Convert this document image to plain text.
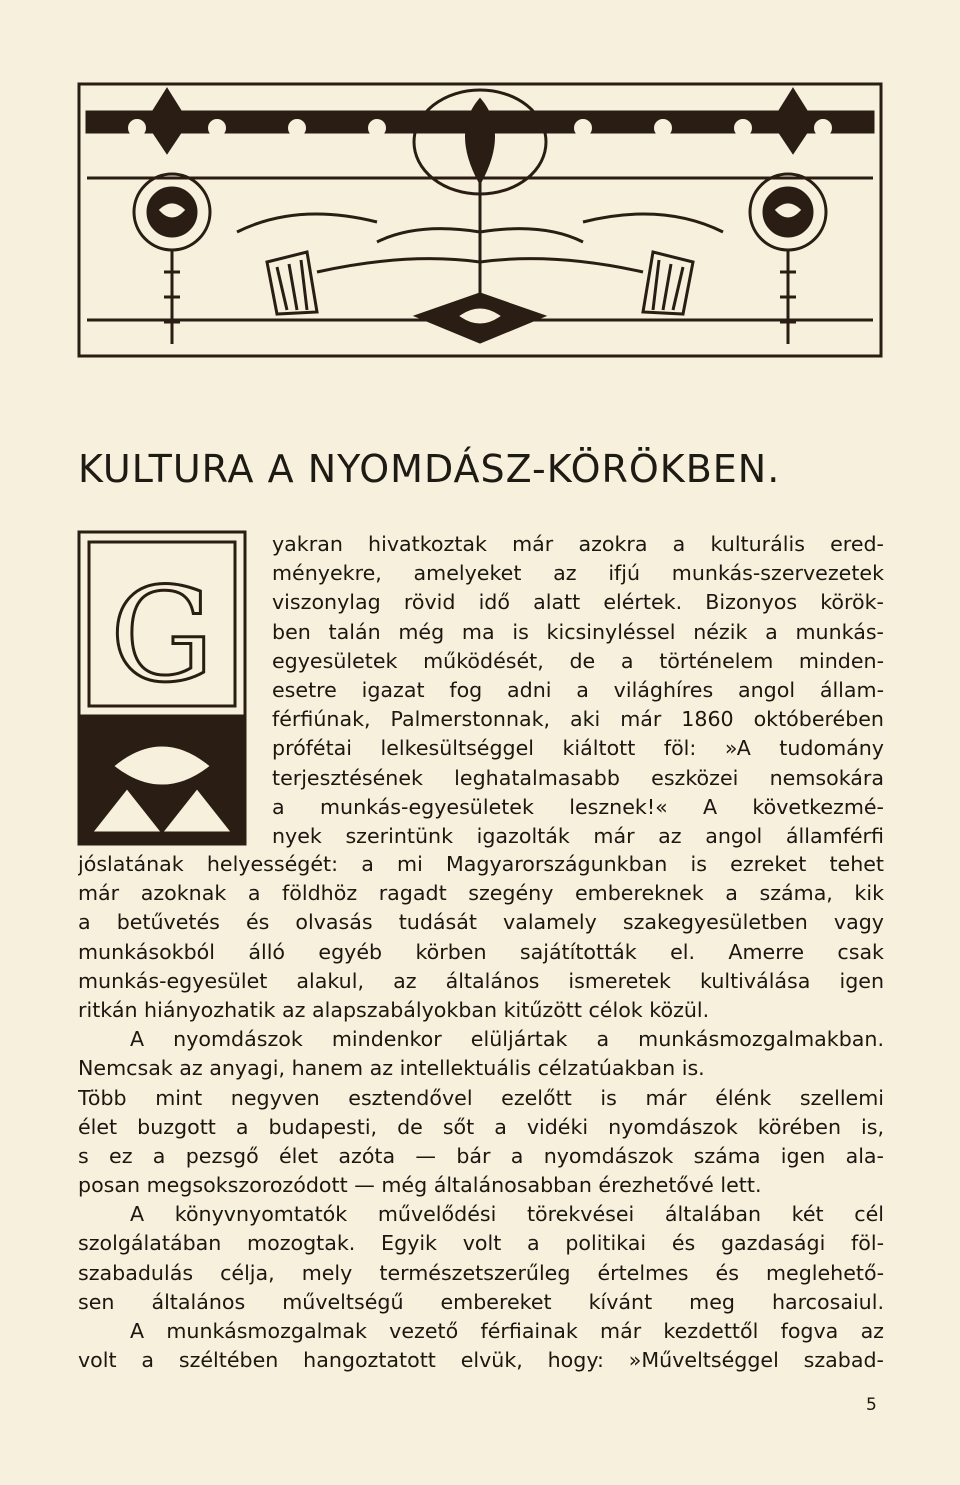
KULTURA A NYOMDÁSZ-KÖRÖKBEN.
G
yakran hivatkoztak már azokra a kulturális ered-
ményekre, amelyeket az ifjú munkás-szervezetek
viszonylag rövid idő alatt elértek. Bizonyos körök-
ben talán még ma is kicsinyléssel nézik a munkás-
egyesületek működését, de a történelem minden-
esetre igazat fog adni a világhíres angol állam-
férfiúnak, Palmerstonnak, aki már 1860 októberében
prófétai lelkesültséggel kiáltott föl: »A tudomány
terjesztésének leghatalmasabb eszközei nemsokára
a munkás-egyesületek lesznek!« A következmé-
nyek szerintünk igazolták már az angol államférfi
jóslatának helyességét: a mi Magyarországunkban is ezreket tehet
már azoknak a földhöz ragadt szegény embereknek a száma, kik
a betűvetés és olvasás tudását valamely szakegyesületben vagy
munkásokból álló egyéb körben sajátították el. Amerre csak
munkás-egyesület alakul, az általános ismeretek kultiválása igen
ritkán hiányozhatik az alapszabályokban kitűzött célok közül.
A nyomdászok mindenkor elüljártak a munkásmozgalmakban.
Nemcsak az anyagi, hanem az intellektuális célzatúakban is.
Több mint negyven esztendővel ezelőtt is már élénk szellemi
élet buzgott a budapesti, de sőt a vidéki nyomdászok körében is,
s ez a pezsgő élet azóta — bár a nyomdászok száma igen ala-
posan megsokszorozódott — még általánosabban érezhetővé lett.
A könyvnyomtatók művelődési törekvései általában két cél
szolgálatában mozogtak. Egyik volt a politikai és gazdasági föl-
szabadulás célja, mely természetszerűleg értelmes és meglehető-
sen általános műveltségű embereket kívánt meg harcosaiul.
A munkásmozgalmak vezető férfiainak már kezdettől fogva az
volt a széltében hangoztatott elvük, hogy: »Műveltséggel szabad-
5
